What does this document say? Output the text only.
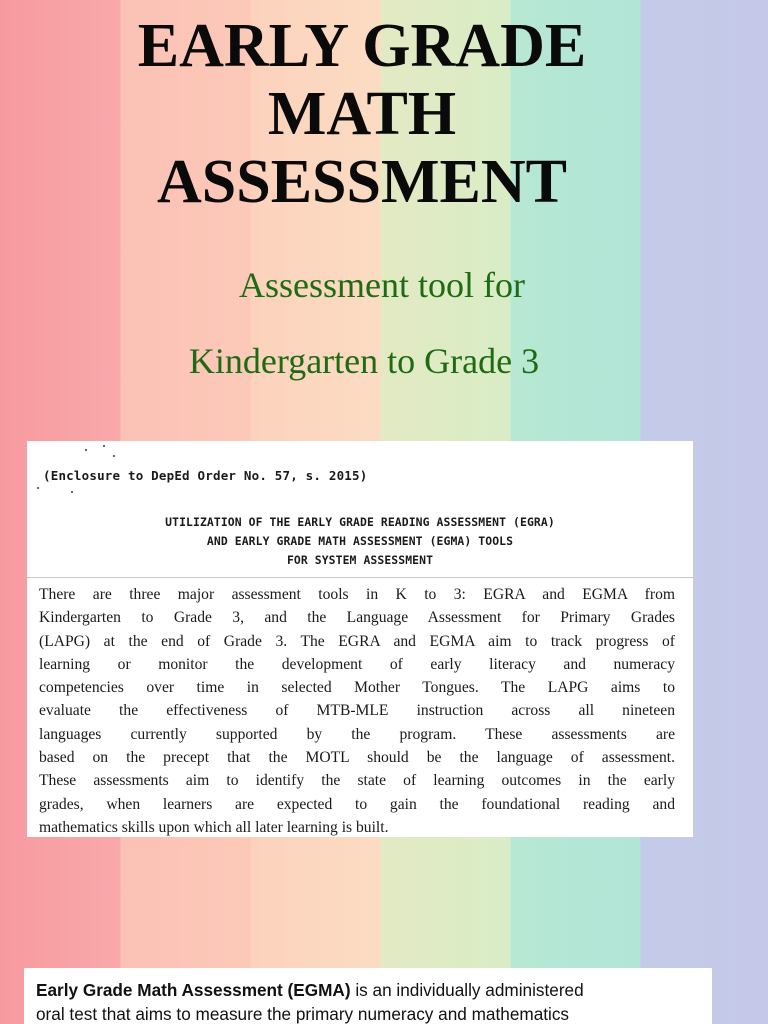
EARLY GRADE
MATH
ASSESSMENT

Assessment tool for

Kindergarten to Grade 3

(Enclosure to DepEd Order No. 57, s. 2015)
UTILIZATION OF THE EARLY GRADE READING ASSESSMENT (EGRA)
AND EARLY GRADE MATH ASSESSMENT (EGMA) TOOLS
FOR SYSTEM ASSESSMENT
There are three major assessment tools in K to 3: EGRA and EGMA from
Kindergarten to Grade 3, and the Language Assessment for Primary Grades
(LAPG) at the end of Grade 3. The EGRA and EGMA aim to track progress of
learning or monitor the development of early literacy and numeracy
competencies over time in selected Mother Tongues. The LAPG aims to
evaluate the effectiveness of MTB-MLE instruction across all nineteen
languages currently supported by the program. These assessments are
based on the precept that the MOTL should be the language of assessment.
These assessments aim to identify the state of learning outcomes in the early
grades, when learners are expected to gain the foundational reading and
mathematics skills upon which all later learning is built.
Early Grade Math Assessment (EGMA) is an individually administered
oral test that aims to measure the primary numeracy and mathematics
